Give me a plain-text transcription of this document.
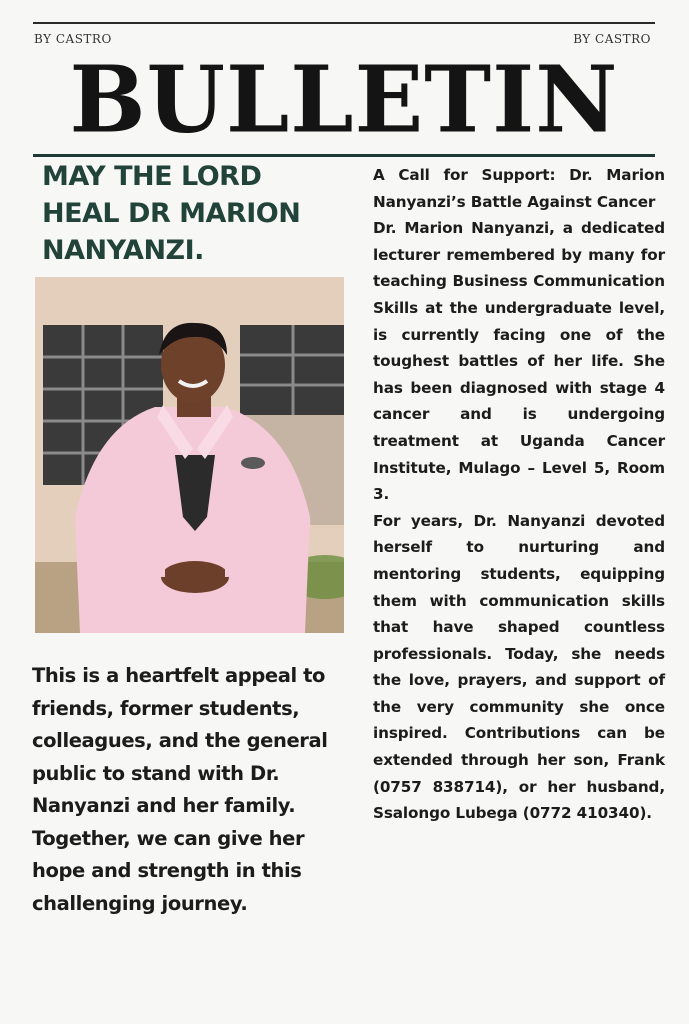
BY CASTRO	BY CASTRO
BULLETIN
MAY THE LORD HEAL DR MARION NANYANZI.
This is a heartfelt appeal to friends, former students, colleagues, and the general public to stand with Dr. Nanyanzi and her family. Together, we can give her hope and strength in this challenging journey.

A Call for Support: Dr. Marion Nanyanzi’s Battle Against Cancer

Dr. Marion Nanyanzi, a dedicated lecturer remembered by many for teaching Business Communication Skills at the undergraduate level, is currently facing one of the toughest battles of her life. She has been diagnosed with stage 4 cancer and is undergoing treatment at Uganda Cancer Institute, Mulago – Level 5, Room 3.

For years, Dr. Nanyanzi devoted herself to nurturing and mentoring students, equipping them with communication skills that have shaped countless professionals. Today, she needs the love, prayers, and support of the very community she once inspired. Contributions can be extended through her son, Frank (0757 838714), or her husband, Ssalongo Lubega (0772 410340).
